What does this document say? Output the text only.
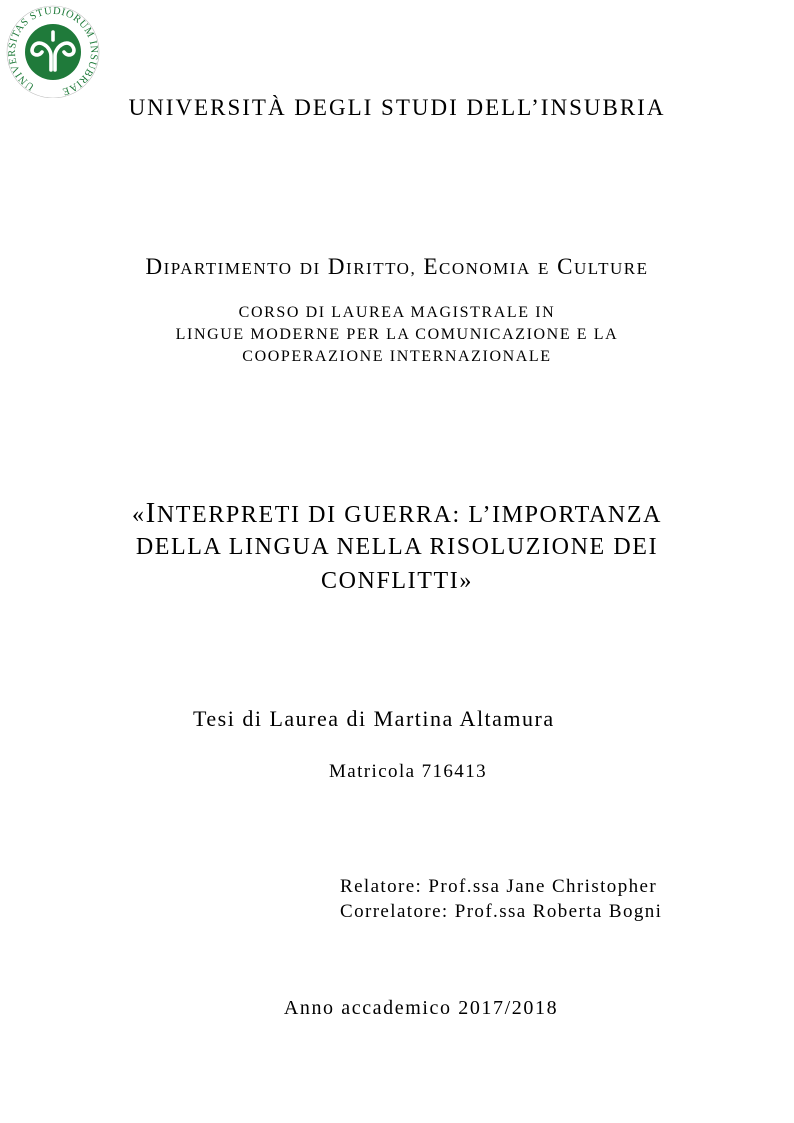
UNIVERSITÀ DEGLI STUDI DELL’INSUBRIA
UNIVERSITAS STUDIORUM INSUBRIAE
DIPARTIMENTO DI DIRITTO, ECONOMIA E CULTURE
CORSO DI LAUREA MAGISTRALE IN
LINGUE MODERNE PER LA COMUNICAZIONE E LA
COOPERAZIONE INTERNAZIONALE
«INTERPRETI DI GUERRA: L’IMPORTANZA
DELLA LINGUA NELLA RISOLUZIONE DEI
CONFLITTI»
Tesi di Laurea di Martina Altamura
Matricola 716413
Relatore: Prof.ssa Jane Christopher
Correlatore: Prof.ssa Roberta Bogni
Anno accademico 2017/2018
